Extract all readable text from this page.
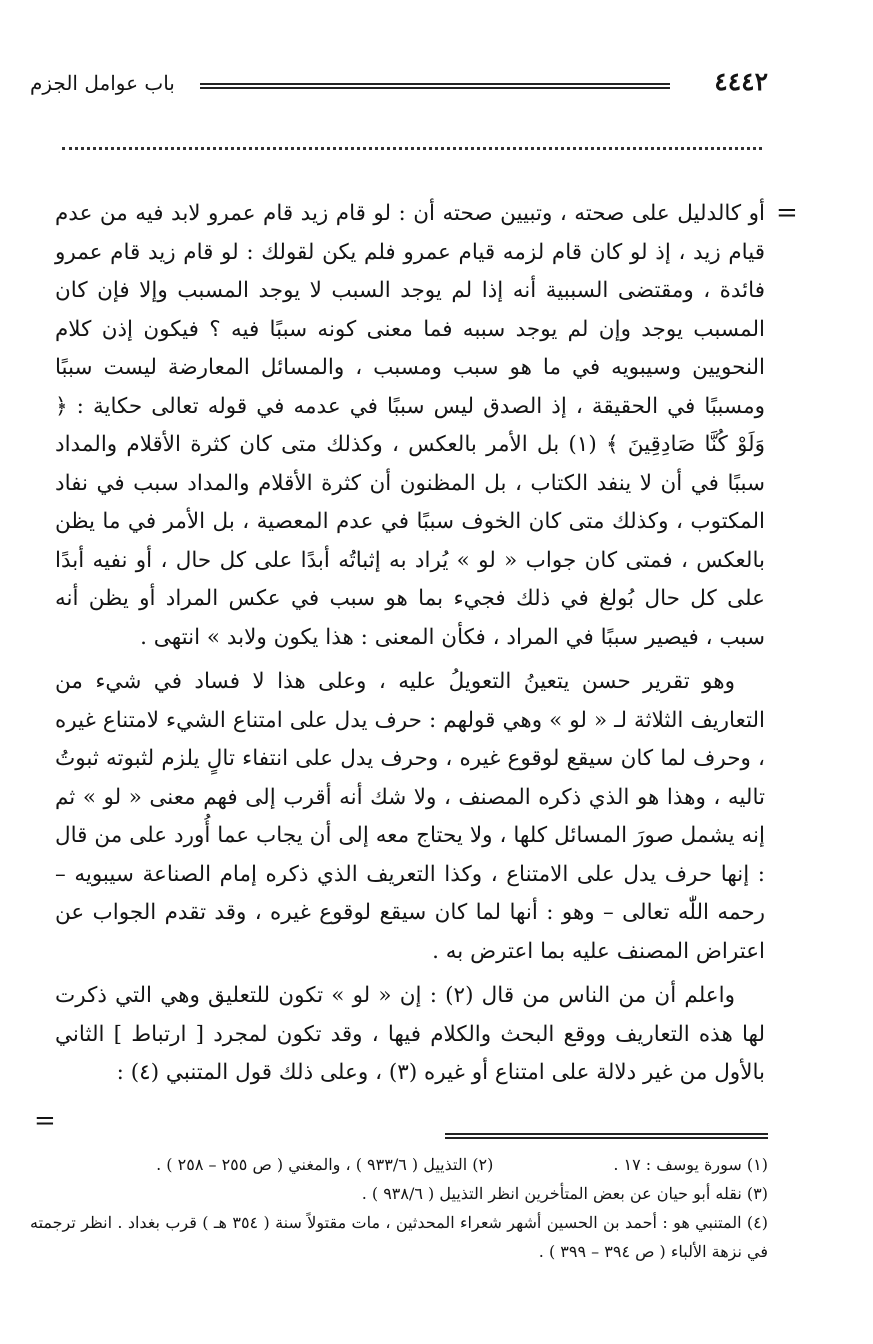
٤٤٤٢
باب عوامل الجزم
=

أو كالدليل على صحته ، وتبيين صحته أن : لو قام زيد قام عمرو لابد فيه من عدم قيام زيد ، إذ لو كان قام لزمه قيام عمرو فلم يكن لقولك : لو قام زيد قام عمرو فائدة ، ومقتضى السببية أنه إذا لم يوجد السبب لا يوجد المسبب وإلا فإن كان المسبب يوجد وإن لم يوجد سببه فما معنى كونه سببًا فيه ؟ فيكون إذن كلام النحويين وسيبويه في ما هو سبب ومسبب ، والمسائل المعارضة ليست سببًا ومسببًا في الحقيقة ، إذ الصدق ليس سببًا في عدمه في قوله تعالى حكاية : ﴿ وَلَوْ كُنَّا صَادِقِينَ ﴾ (١) بل الأمر بالعكس ، وكذلك متى كان كثرة الأقلام والمداد سببًا في أن لا ينفد الكتاب ، بل المظنون أن كثرة الأقلام والمداد سبب في نفاد المكتوب ، وكذلك متى كان الخوف سببًا في عدم المعصية ، بل الأمر في ما يظن بالعكس ، فمتى كان جواب « لو » يُراد به إثباتُه أبدًا على كل حال ، أو نفيه أبدًا على كل حال بُولغ في ذلك فجيء بما هو سبب في عكس المراد أو يظن أنه سبب ، فيصير سببًا في المراد ، فكأن المعنى : هذا يكون ولابد » انتهى .

وهو تقرير حسن يتعينُ التعويلُ عليه ، وعلى هذا لا فساد في شيء من التعاريف الثلاثة لـ « لو » وهي قولهم : حرف يدل على امتناع الشيء لامتناع غيره ، وحرف لما كان سيقع لوقوع غيره ، وحرف يدل على انتفاء تالٍ يلزم لثبوته ثبوتُ تاليه ، وهذا هو الذي ذكره المصنف ، ولا شك أنه أقرب إلى فهم معنى « لو » ثم إنه يشمل صورَ المسائل كلها ، ولا يحتاج معه إلى أن يجاب عما أُورد على من قال : إنها حرف يدل على الامتناع ، وكذا التعريف الذي ذكره إمام الصناعة سيبويه – رحمه اللّٰه تعالى – وهو : أنها لما كان سيقع لوقوع غيره ، وقد تقدم الجواب عن اعتراض المصنف عليه بما اعترض به .

واعلم أن من الناس من قال (٢) : إن « لو » تكون للتعليق وهي التي ذكرت لها هذه التعاريف ووقع البحث والكلام فيها ، وقد تكون لمجرد [ ارتباط ] الثاني بالأول من غير دلالة على امتناع أو غيره (٣) ، وعلى ذلك قول المتنبي (٤) :

=
(١) سورة يوسف : ١٧ .
(٢) التذييل ( ٩٣٣/٦ ) ، والمغني ( ص ٢٥٥ – ٢٥٨ ) .
(٣) نقله أبو حيان عن بعض المتأخرين انظر التذييل ( ٩٣٨/٦ ) .
(٤) المتنبي هو : أحمد بن الحسين أشهر شعراء المحدثين ، مات مقتولاً سنة ( ٣٥٤ هـ ) قرب بغداد . انظر ترجمته في نزهة الألباء ( ص ٣٩٤ – ٣٩٩ ) .
